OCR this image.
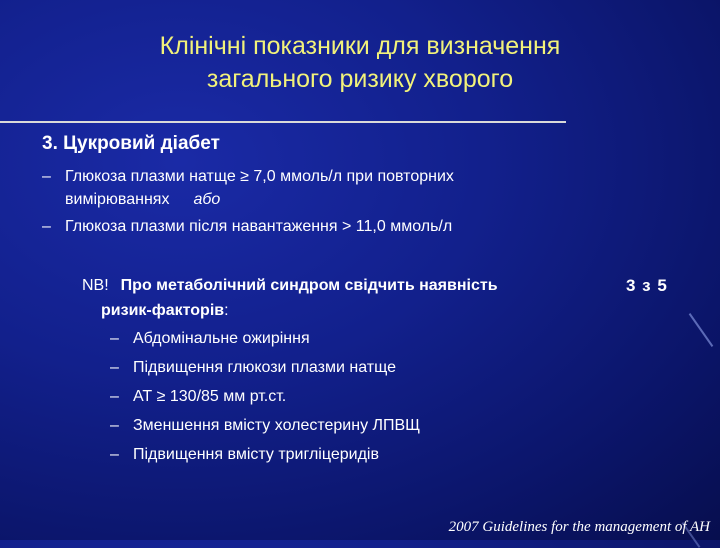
Клінічні показники для визначення
загального ризику хворого
3. Цукровий діабет
– Глюкоза плазми натще ≥ 7,0 ммоль/л при повторних
вимірюваннях або
– Глюкоза плазми після навантаження > 11,0 ммоль/л
NB! Про метаболічний синдром свідчить наявність	3 з 5
ризик-факторів:
– Абдомінальне ожиріння
– Підвищення глюкози плазми натще
– АТ ≥ 130/85 мм рт.ст.
– Зменшення вмісту холестерину ЛПВЩ
– Підвищення вмісту тригліцеридів
2007 Guidelines for the management of AH
